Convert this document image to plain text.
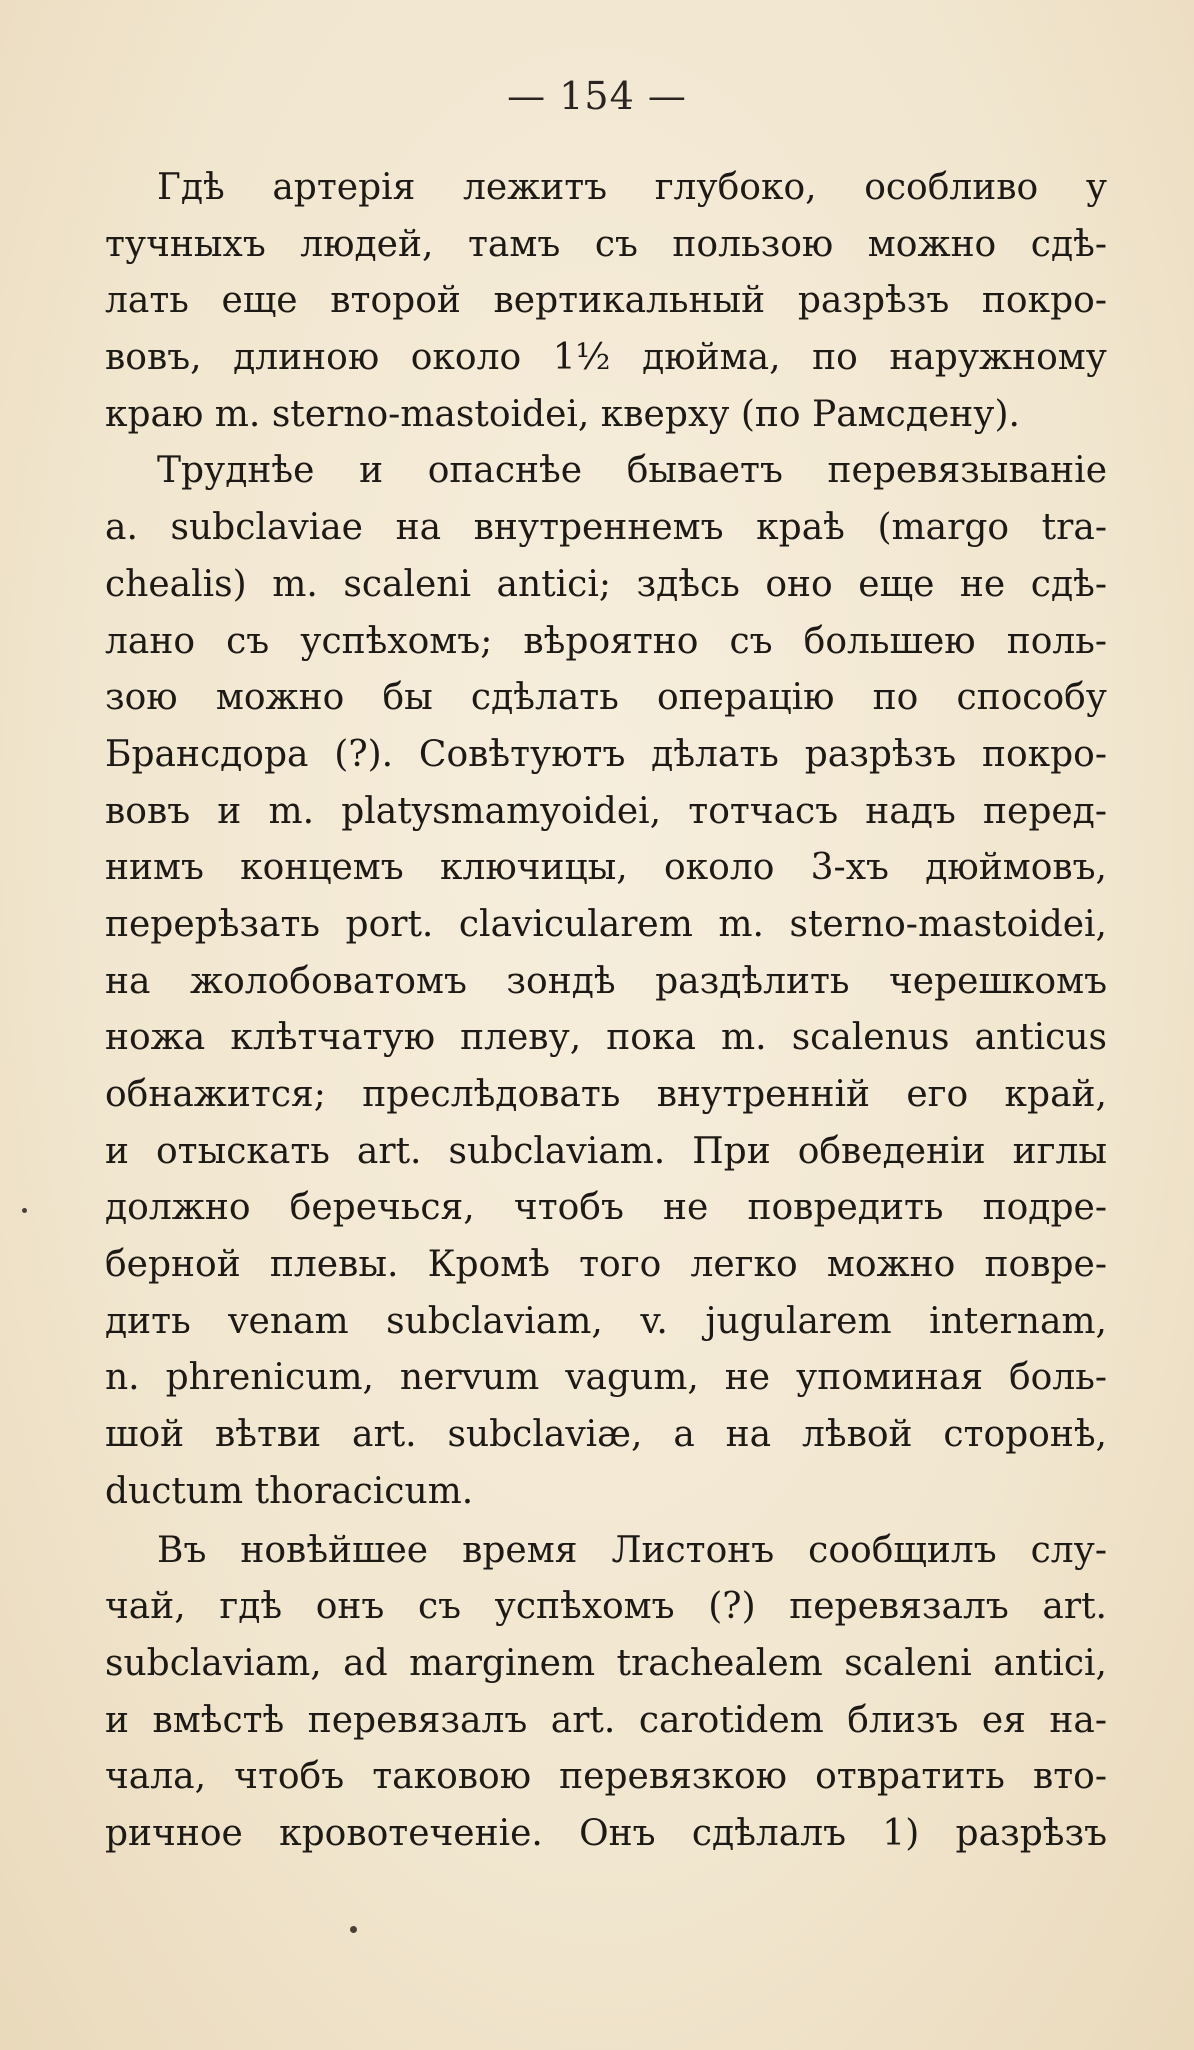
— 154 —
Гдѣ артерія лежитъ глубоко, особливо у
тучныхъ людей, тамъ съ пользою можно сдѣ-
лать еще второй вертикальный разрѣзъ покро-
вовъ, длиною около 1½ дюйма, по наружному
краю m. sterno-mastoidei, кверху (по Рамсдену).
Труднѣе и опаснѣе бываетъ перевязываніе
a. subclaviae на внутреннемъ краѣ (margo tra-
chealis) m. scaleni antici; здѣсь оно еще не сдѣ-
лано съ успѣхомъ; вѣроятно съ большею поль-
зою можно бы сдѣлать операцію по способу
Брансдора (?). Совѣтуютъ дѣлать разрѣзъ покро-
вовъ и m. platysmamyoidei, тотчасъ надъ перед-
нимъ концемъ ключицы, около 3-хъ дюймовъ,
перерѣзать port. clavicularem m. sterno-mastoidei,
на жолобоватомъ зондѣ раздѣлить черешкомъ
ножа клѣтчатую плеву, пока m. scalenus anticus
обнажится; преслѣдовать внутренній его край,
и отыскать art. subclaviam. При обведеніи иглы
должно беречься, чтобъ не повредить подре-
берной плевы. Кромѣ того легко можно повре-
дить venam subclaviam, v. jugularem internam,
n. phrenicum, nervum vagum, не упоминая боль-
шой вѣтви art. subclaviæ, а на лѣвой сторонѣ,
ductum thoracicum.
Въ новѣйшее время Листонъ сообщилъ слу-
чай, гдѣ онъ съ успѣхомъ (?) перевязалъ art.
subclaviam, ad marginem trachealem scaleni antici,
и вмѣстѣ перевязалъ art. carotidem близъ ея на-
чала, чтобъ таковою перевязкою отвратить вто-
ричное кровотеченіе. Онъ сдѣлалъ 1) разрѣзъ
